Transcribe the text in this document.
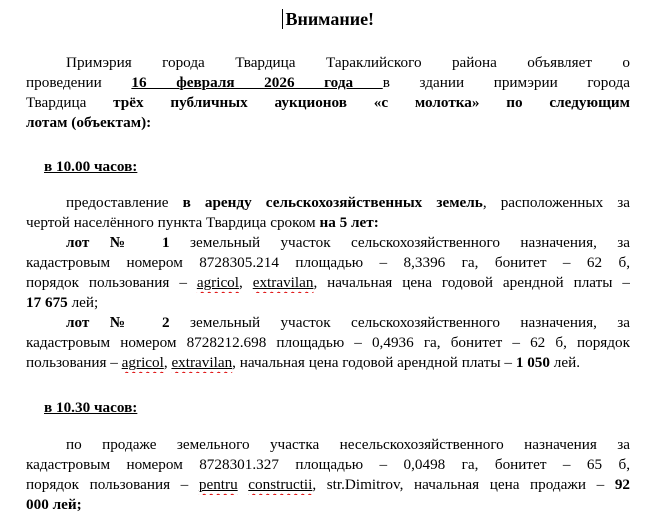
Внимание!
Примэрия города Твардица Тараклийского района объявляет о
проведении 16 февраля 2026 года в здании примэрии города
Твардица трёх публичных аукционов «с молотка» по следующим
лотам (объектам):
в 10.00 часов:
предоставление в аренду сельскохозяйственных земель, расположенных за
чертой населённого пункта Твардица сроком на 5 лет:
лот № 1 земельный участок сельскохозяйственного назначения, за
кадастровым номером 8728305.214 площадью – 8,3396 га, бонитет – 62 б,
порядок пользования – agricol, extravilan, начальная цена годовой арендной платы –
17 675 лей;
лот № 2 земельный участок сельскохозяйственного назначения, за
кадастровым номером 8728212.698 площадью – 0,4936 га, бонитет – 62 б, порядок
пользования – agricol, extravilan, начальная цена годовой арендной платы – 1 050 лей.
в 10.30 часов:
по продаже земельного участка несельскохозяйственного назначения за
кадастровым номером 8728301.327 площадью – 0,0498 га, бонитет – 65 б,
порядок пользования – pentru constructii, str.Dimitrov, начальная цена продажи – 92
000 лей;
